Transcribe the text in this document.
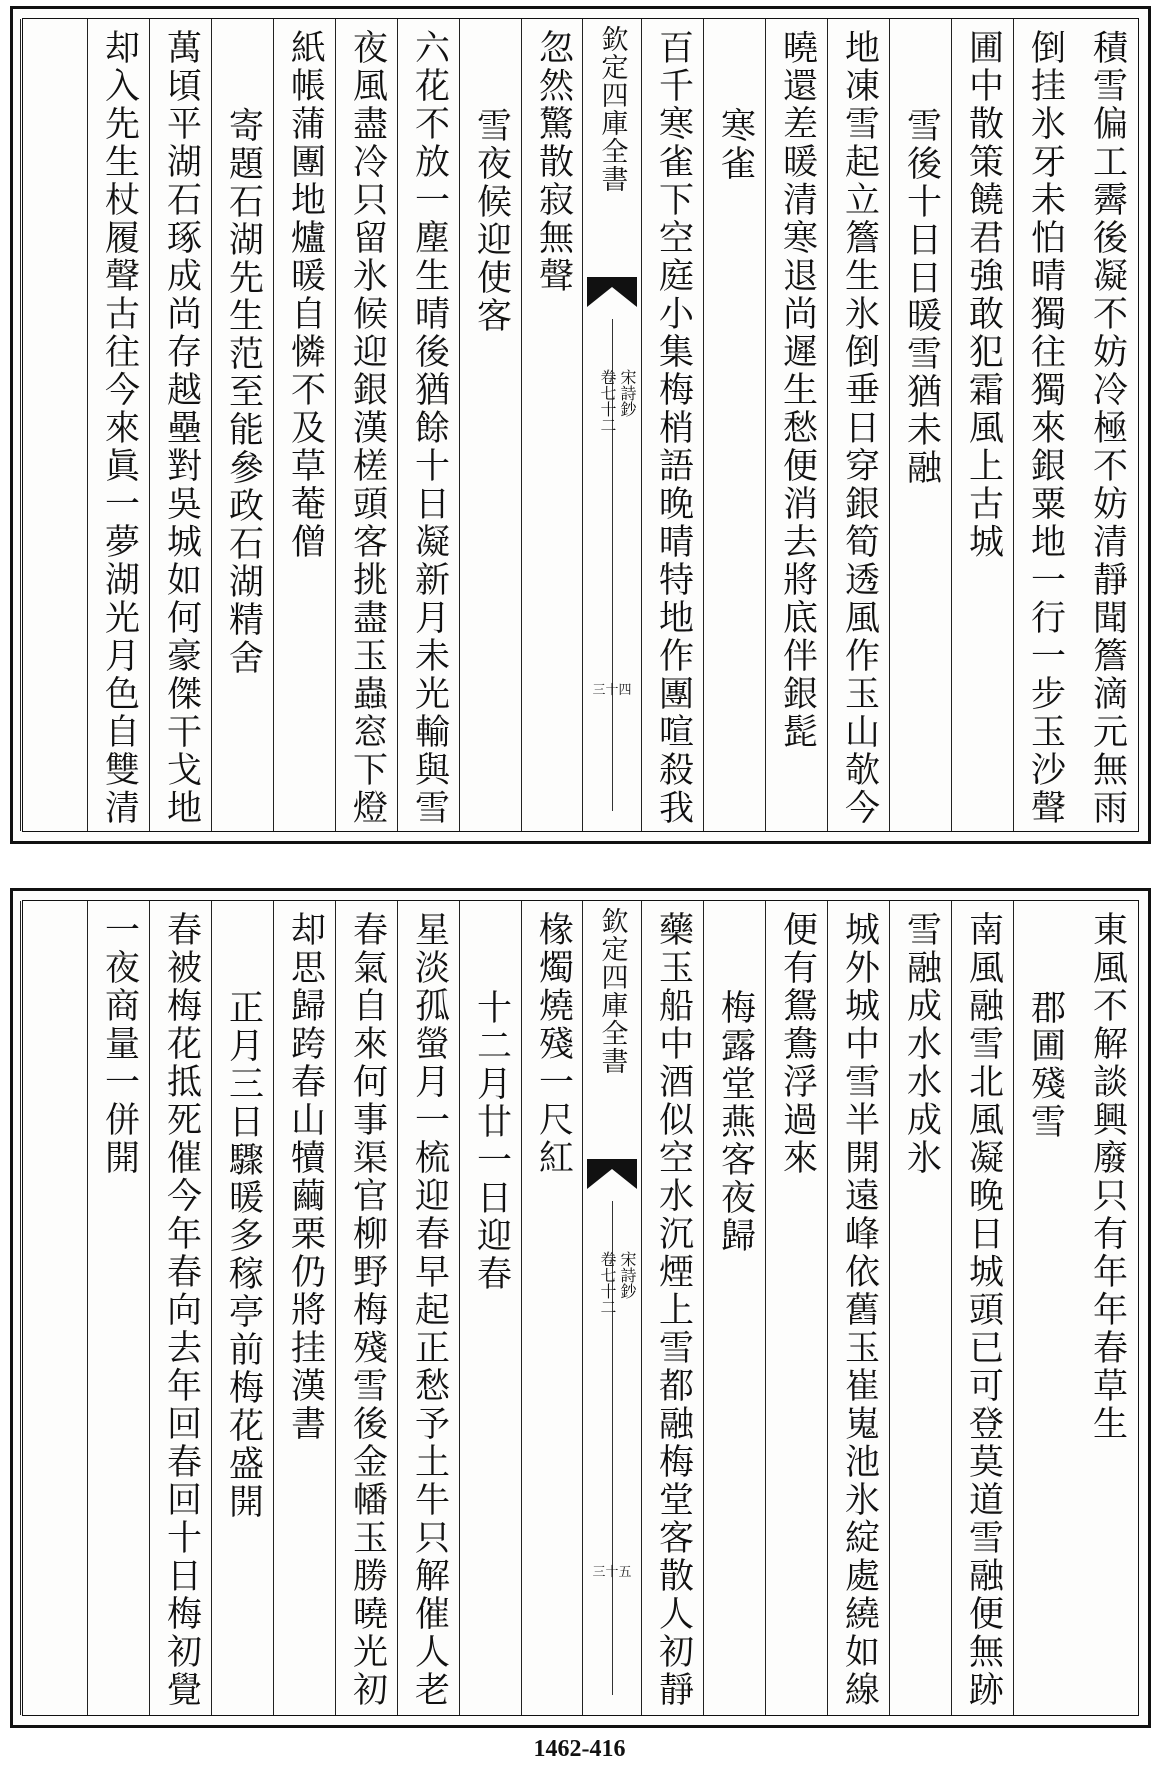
積雪偏工霽後凝不妨冷極不妨清靜聞簷滴元無雨
倒挂氷牙未怕晴獨往獨來銀粟地一行一步玉沙聲
圃中散策饒君強敢犯霜風上古城
雪後十日日暖雪猶未融
地凍雪起立簷生氷倒垂日穿銀筍透風作玉山欹今
曉還差暖清寒退尚遲生愁便消去將底伴銀髭
寒雀
百千寒雀下空庭小集梅梢語晚晴特地作團喧殺我
欽定四庫全書
宋詩鈔
卷七十二
三十四
忽然驚散寂無聲
雪夜候迎使客
六花不放一塵生晴後猶餘十日凝新月未光輸與雪
夜風盡冷只留氷候迎銀漢槎頭客挑盡玉蟲窓下燈
紙帳蒲團地爐暖自憐不及草菴僧
寄題石湖先生范至能參政石湖精舍
萬頃平湖石琢成尚存越壘對吳城如何豪傑干戈地
却入先生杖履聲古往今來眞一夢湖光月色自雙清
東風不解談興廢只有年年春草生
郡圃殘雪
南風融雪北風凝晚日城頭已可登莫道雪融便無跡
雪融成水水成氷
城外城中雪半開遠峰依舊玉崔嵬池氷綻處繞如線
便有鴛鴦浮過來
梅露堂燕客夜歸
藥玉船中酒似空水沉煙上雪都融梅堂客散人初靜
欽定四庫全書
宋詩鈔
卷七十二
三十五
椽燭燒殘一尺紅
十二月廿一日迎春
星淡孤螢月一梳迎春早起正愁予土牛只解催人老
春氣自來何事渠官柳野梅殘雪後金幡玉勝曉光初
却思歸跨春山犢繭栗仍將挂漢書
正月三日驟暖多稼亭前梅花盛開
春被梅花抵死催今年春向去年回春回十日梅初覺
一夜商量一併開
1462-416
